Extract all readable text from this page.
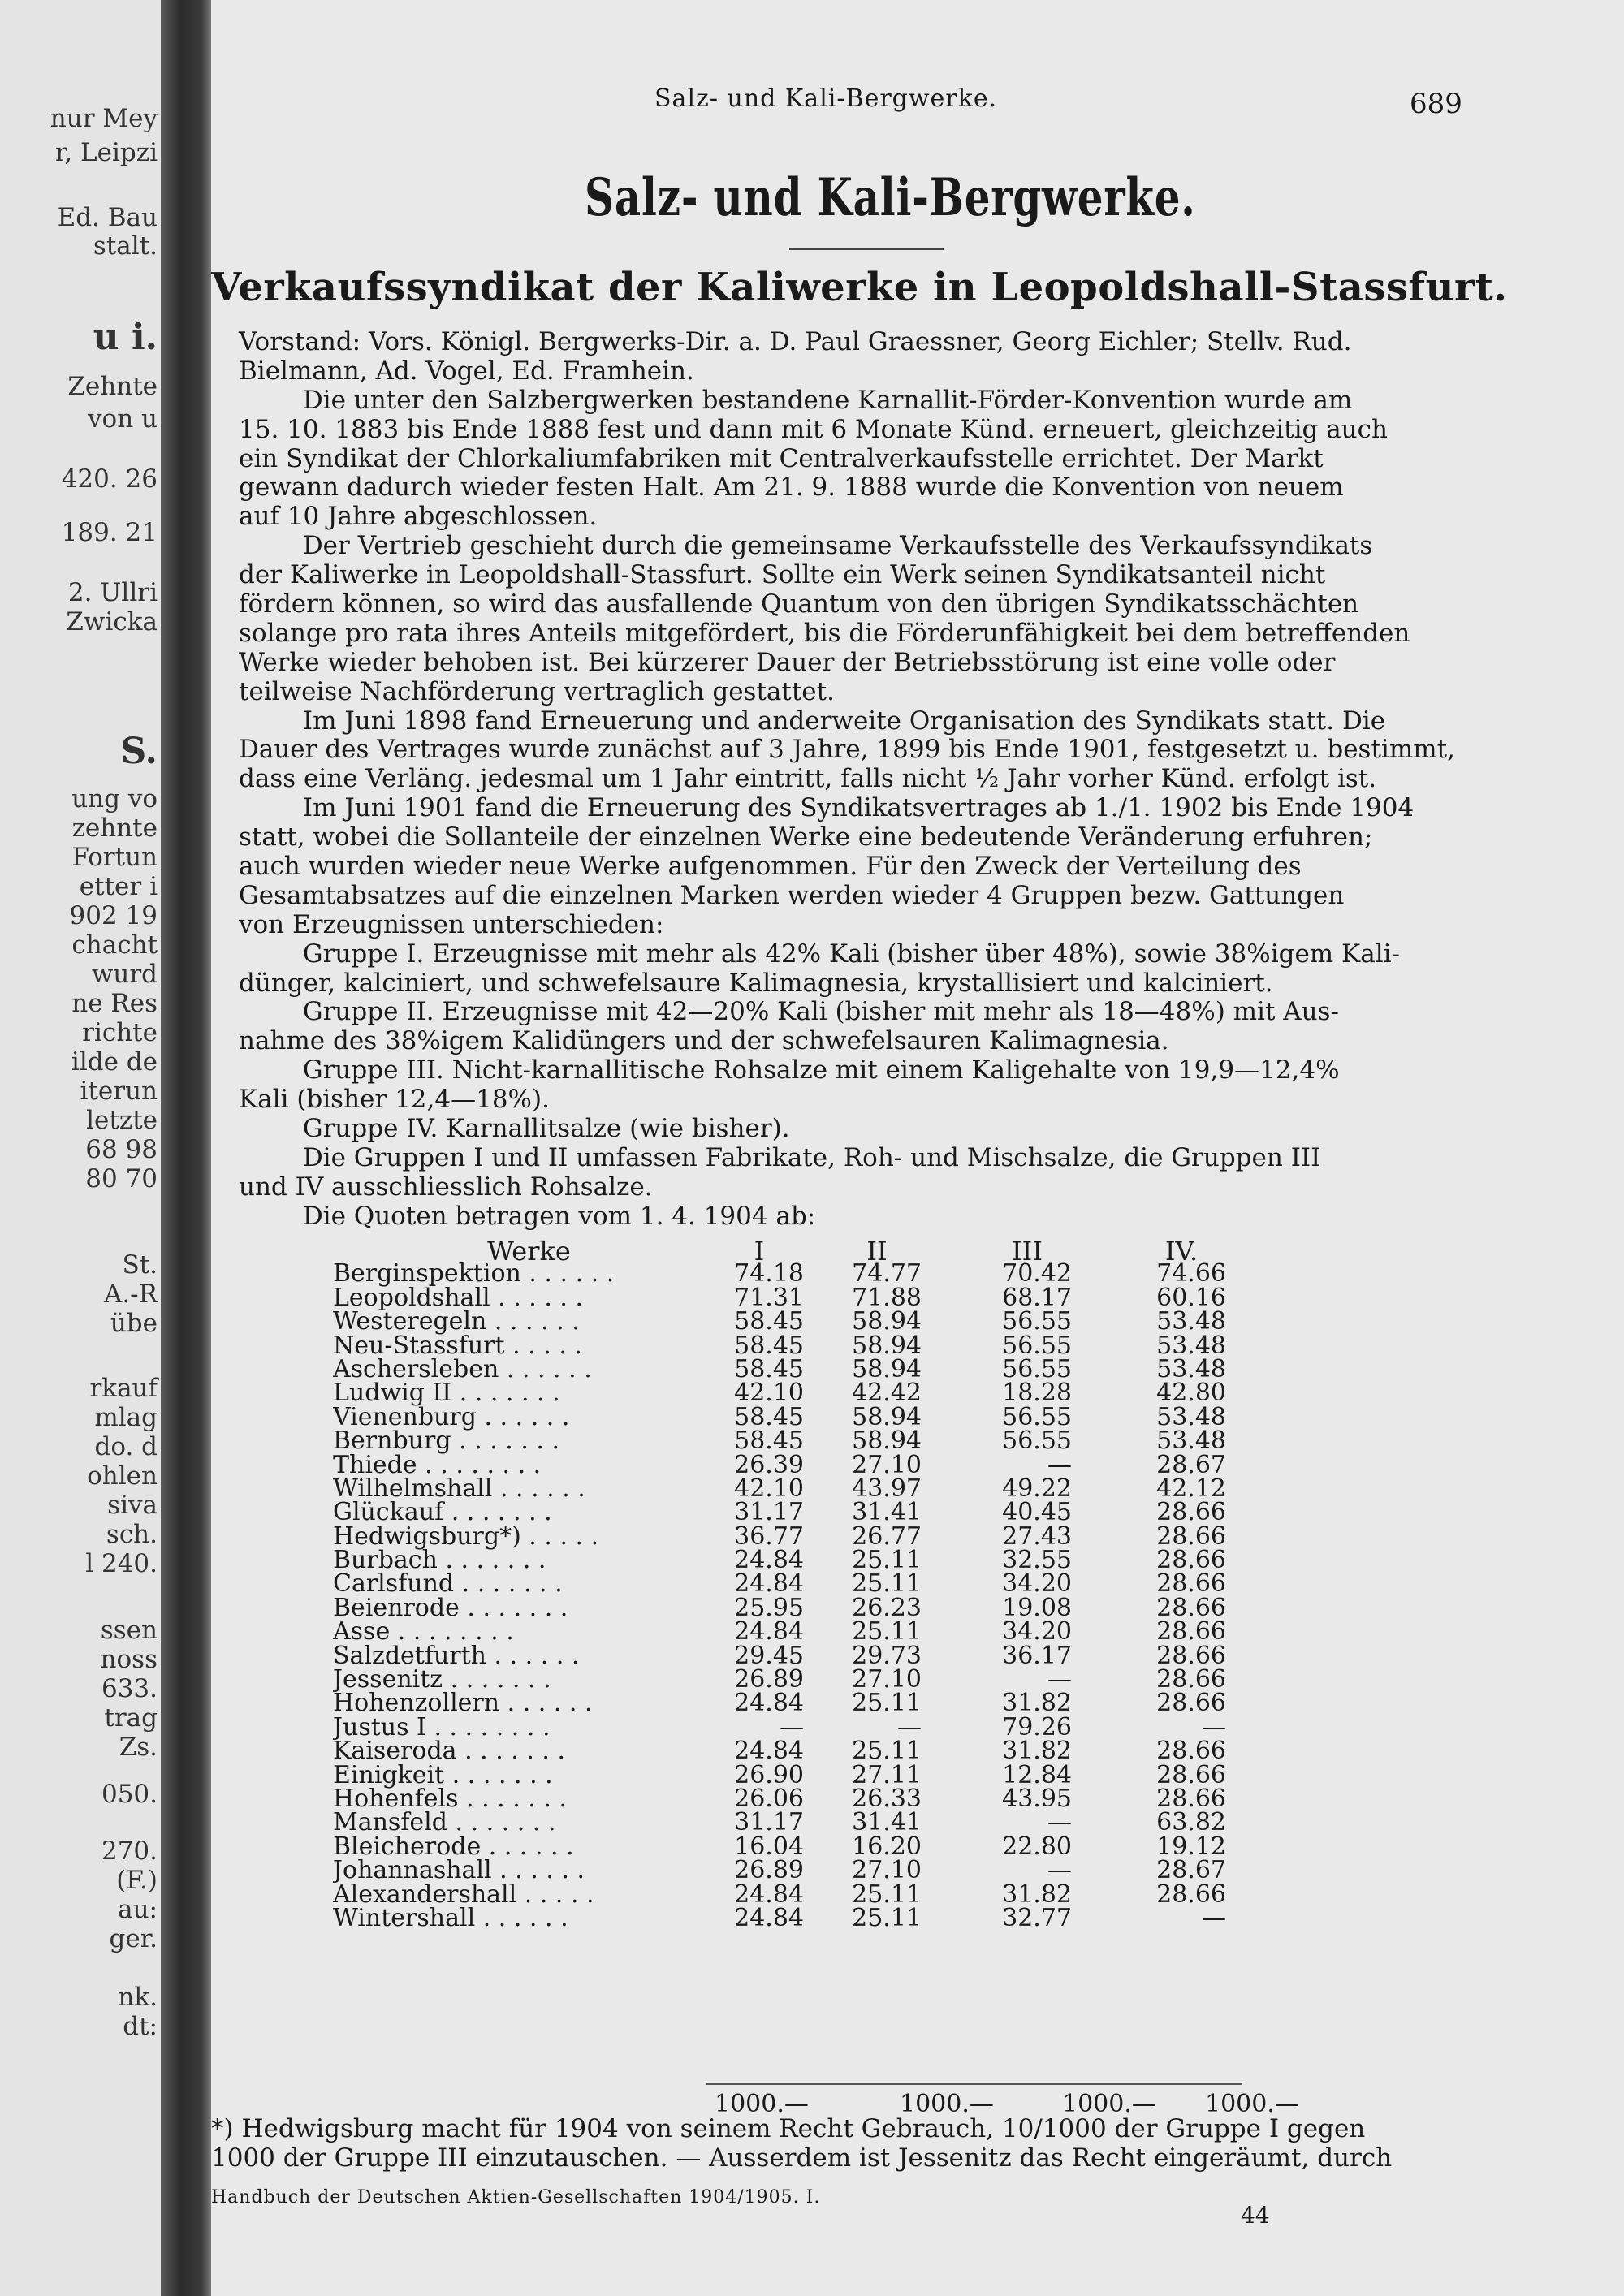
nur Mey
r, Leipzi
Ed. Bau
stalt.
u i.
Zehnte
von u
420. 26
189. 21
2. Ullri
Zwicka
S.
ung vo
zehnte
Fortun
etter i
902 19
chacht
wurd
ne Res
richte
ilde de
iterun
letzte
68 98
80 70
St.
A.-R
übe
rkauf
mlag
do. d
ohlen
siva
sch.
l 240.
ssen
noss
633.
trag
Zs.
050.
270.
(F.)
au:
ger.
nk.
dt:
Salz- und Kali-Bergwerke.	689
Salz- und Kali-Bergwerke.
Verkaufssyndikat der Kaliwerke in Leopoldshall-Stassfurt.
Vorstand: Vors. Königl. Bergwerks-Dir. a. D. Paul Graessner, Georg Eichler; Stellv. Rud.
Bielmann, Ad. Vogel, Ed. Framhein.
Die unter den Salzbergwerken bestandene Karnallit-Förder-Konvention wurde am
15. 10. 1883 bis Ende 1888 fest und dann mit 6 Monate Künd. erneuert, gleichzeitig auch
ein Syndikat der Chlorkaliumfabriken mit Centralverkaufsstelle errichtet. Der Markt
gewann dadurch wieder festen Halt. Am 21. 9. 1888 wurde die Konvention von neuem
auf 10 Jahre abgeschlossen.
Der Vertrieb geschieht durch die gemeinsame Verkaufsstelle des Verkaufssyndikats
der Kaliwerke in Leopoldshall-Stassfurt. Sollte ein Werk seinen Syndikatsanteil nicht
fördern können, so wird das ausfallende Quantum von den übrigen Syndikatsschächten
solange pro rata ihres Anteils mitgefördert, bis die Förderunfähigkeit bei dem betreffenden
Werke wieder behoben ist. Bei kürzerer Dauer der Betriebsstörung ist eine volle oder
teilweise Nachförderung vertraglich gestattet.
Im Juni 1898 fand Erneuerung und anderweite Organisation des Syndikats statt. Die
Dauer des Vertrages wurde zunächst auf 3 Jahre, 1899 bis Ende 1901, festgesetzt u. bestimmt,
dass eine Verläng. jedesmal um 1 Jahr eintritt, falls nicht ½ Jahr vorher Künd. erfolgt ist.
Im Juni 1901 fand die Erneuerung des Syndikatsvertrages ab 1./1. 1902 bis Ende 1904
statt, wobei die Sollanteile der einzelnen Werke eine bedeutende Veränderung erfuhren;
auch wurden wieder neue Werke aufgenommen. Für den Zweck der Verteilung des
Gesamtabsatzes auf die einzelnen Marken werden wieder 4 Gruppen bezw. Gattungen
von Erzeugnissen unterschieden:
Gruppe I. Erzeugnisse mit mehr als 42% Kali (bisher über 48%), sowie 38%igem Kali-
dünger, kalciniert, und schwefelsaure Kalimagnesia, krystallisiert und kalciniert.
Gruppe II. Erzeugnisse mit 42—20% Kali (bisher mit mehr als 18—48%) mit Aus-
nahme des 38%igem Kalidüngers und der schwefelsauren Kalimagnesia.
Gruppe III. Nicht-karnallitische Rohsalze mit einem Kaligehalte von 19,9—12,4%
Kali (bisher 12,4—18%).
Gruppe IV. Karnallitsalze (wie bisher).
Die Gruppen I und II umfassen Fabrikate, Roh- und Mischsalze, die Gruppen III
und IV ausschliesslich Rohsalze.
Die Quoten betragen vom 1. 4. 1904 ab:
Werke	I	II	III	IV.
Berginspektion . . . . . .	74.18	74.77	70.42	74.66
Leopoldshall . . . . . .	71.31	71.88	68.17	60.16
Westeregeln . . . . . .	58.45	58.94	56.55	53.48
Neu-Stassfurt . . . . .	58.45	58.94	56.55	53.48
Aschersleben . . . . . .	58.45	58.94	56.55	53.48
Ludwig II . . . . . . .	42.10	42.42	18.28	42.80
Vienenburg . . . . . .	58.45	58.94	56.55	53.48
Bernburg . . . . . . .	58.45	58.94	56.55	53.48
Thiede . . . . . . . .	26.39	27.10	—	28.67
Wilhelmshall . . . . . .	42.10	43.97	49.22	42.12
Glückauf . . . . . . .	31.17	31.41	40.45	28.66
Hedwigsburg*) . . . . .	36.77	26.77	27.43	28.66
Burbach . . . . . . .	24.84	25.11	32.55	28.66
Carlsfund . . . . . . .	24.84	25.11	34.20	28.66
Beienrode . . . . . . .	25.95	26.23	19.08	28.66
Asse . . . . . . . .	24.84	25.11	34.20	28.66
Salzdetfurth . . . . . .	29.45	29.73	36.17	28.66
Jessenitz . . . . . . .	26.89	27.10	—	28.66
Hohenzollern . . . . . .	24.84	25.11	31.82	28.66
Justus I . . . . . . . .	—	—	79.26	—
Kaiseroda . . . . . . .	24.84	25.11	31.82	28.66
Einigkeit . . . . . . .	26.90	27.11	12.84	28.66
Hohenfels . . . . . . .	26.06	26.33	43.95	28.66
Mansfeld . . . . . . .	31.17	31.41	—	63.82
Bleicherode . . . . . .	16.04	16.20	22.80	19.12
Johannashall . . . . . .	26.89	27.10	—	28.67
Alexandershall . . . . .	24.84	25.11	31.82	28.66
Wintershall . . . . . .	24.84	25.11	32.77	—
1000.—	1000.—	1000.— 1000.—
*) Hedwigsburg macht für 1904 von seinem Recht Gebrauch, 10/1000 der Gruppe I gegen
1000 der Gruppe III einzutauschen. — Ausserdem ist Jessenitz das Recht eingeräumt, durch
Handbuch der Deutschen Aktien-Gesellschaften 1904/1905. I.
44
